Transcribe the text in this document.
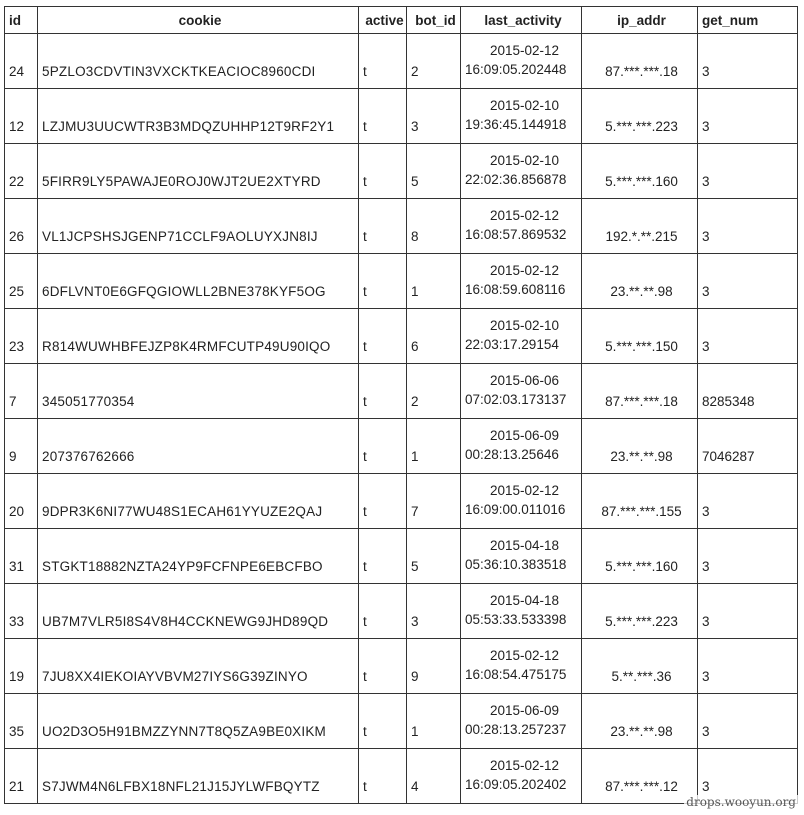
id	cookie	active	bot_id	last_activity	ip_addr	get_num
24	5PZLO3CDVTIN3VXCKTKEACIOC8960CDI	t	2	2015-02-12
16:09:05.202448	87.***.***.18	3
12	LZJMU3UUCWTR3B3MDQZUHHP12T9RF2Y1	t	3	2015-02-10
19:36:45.144918	5.***.***.223	3
22	5FIRR9LY5PAWAJE0ROJ0WJT2UE2XTYRD	t	5	2015-02-10
22:02:36.856878	5.***.***.160	3
26	VL1JCPSHSJGENP71CCLF9AOLUYXJN8IJ	t	8	2015-02-12
16:08:57.869532	192.*.**.215	3
25	6DFLVNT0E6GFQGIOWLL2BNE378KYF5OG	t	1	2015-02-12
16:08:59.608116	23.**.**.98	3
23	R814WUWHBFEJZP8K4RMFCUTP49U90IQO	t	6	2015-02-10
22:03:17.29154	5.***.***.150	3
7	345051770354	t	2	2015-06-06
07:02:03.173137	87.***.***.18	8285348
9	207376762666	t	1	2015-06-09
00:28:13.25646	23.**.**.98	7046287
20	9DPR3K6NI77WU48S1ECAH61YYUZE2QAJ	t	7	2015-02-12
16:09:00.011016	87.***.***.155	3
31	STGKT18882NZTA24YP9FCFNPE6EBCFBO	t	5	2015-04-18
05:36:10.383518	5.***.***.160	3
33	UB7M7VLR5I8S4V8H4CCKNEWG9JHD89QD	t	3	2015-04-18
05:53:33.533398	5.***.***.223	3
19	7JU8XX4IEKOIAYVBVM27IYS6G39ZINYO	t	9	2015-02-12
16:08:54.475175	5.**.***.36	3
35	UO2D3O5H91BMZZYNN7T8Q5ZA9BE0XIKM	t	1	2015-06-09
00:28:13.257237	23.**.**.98	3
21	S7JWM4N6LFBX18NFL21J15JYLWFBQYTZ	t	4	2015-02-12
16:09:05.202402	87.***.***.12	3
drops.wooyun.org
